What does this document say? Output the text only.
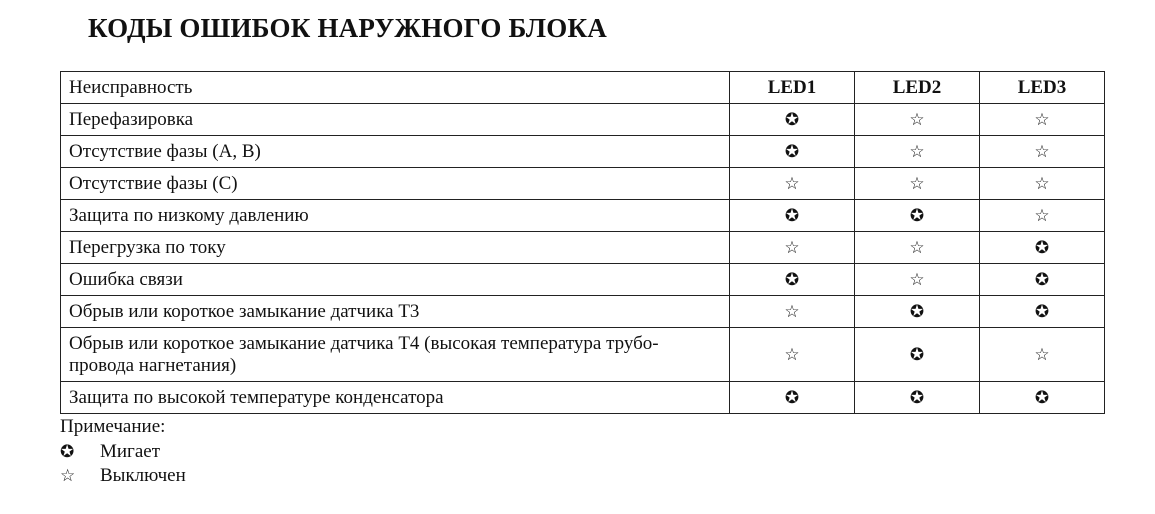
КОДЫ ОШИБОК НАРУЖНОГО БЛОКА
Неисправность	LED1	LED2	LED3
Перефазировка	✪	☆	☆
Отсутствие фазы (A, B)	✪	☆	☆
Отсутствие фазы (C)	☆	☆	☆
Защита по низкому давлению	✪	✪	☆
Перегрузка по току	☆	☆	✪
Ошибка связи	✪	☆	✪
Обрыв или короткое замыкание датчика T3	☆	✪	✪
Обрыв или короткое замыкание датчика T4 (высокая температура трубо-провода нагнетания)	☆	✪	☆
Защита по высокой температуре конденсатора	✪	✪	✪
Примечание:
✪	Мигает
☆	Выключен
